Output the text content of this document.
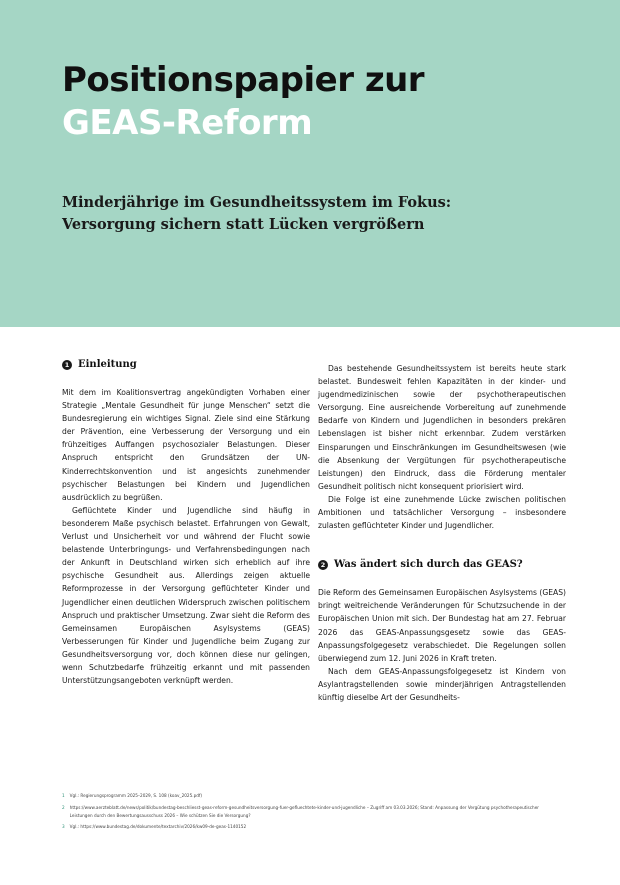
Positionspapier zur
GEAS-Reform
Minderjährige im Gesundheitssystem im Fokus:
Versorgung sichern statt Lücken vergrößern
1 Einleitung

Mit dem im Koalitionsvertrag angekündigten Vorhaben einer Strategie „Mentale Gesundheit für junge Menschen“ setzt die Bundesregierung ein wichtiges Signal. Ziele sind eine Stärkung der Prävention, eine Verbesserung der Versorgung und ein frühzeitiges Auffangen psychosozialer Belastungen. Dieser Anspruch entspricht den Grundsätzen der UN-Kinderrechtskonvention und ist angesichts zunehmender psychischer Belastungen bei Kindern und Jugendlichen ausdrücklich zu begrüßen.

Geflüchtete Kinder und Jugendliche sind häufig in besonderem Maße psychisch belastet. Erfahrungen von Gewalt, Verlust und Unsicherheit vor und während der Flucht sowie belastende Unterbringungs- und Verfahrensbedingungen nach der Ankunft in Deutschland wirken sich erheblich auf ihre psychische Gesundheit aus. Allerdings zeigen aktuelle Reformprozesse in der Versorgung geflüchteter Kinder und Jugendlicher einen deutlichen Widerspruch zwischen politischem Anspruch und praktischer Umsetzung. Zwar sieht die Reform des Gemeinsamen Europäischen Asylsystems (GEAS) Verbesserungen für Kinder und Jugendliche beim Zugang zur Gesundheitsversorgung vor, doch können diese nur gelingen, wenn Schutzbedarfe frühzeitig erkannt und mit passenden Unterstützungsangeboten verknüpft werden.

Das bestehende Gesundheitssystem ist bereits heute stark belastet. Bundesweit fehlen Kapazitäten in der kinder- und jugendmedizinischen sowie der psychotherapeutischen Versorgung. Eine ausreichende Vorbereitung auf zunehmende Bedarfe von Kindern und Jugendlichen in besonders prekären Lebenslagen ist bisher nicht erkennbar. Zudem verstärken Einsparungen und Einschränkungen im Gesundheitswesen (wie die Absenkung der Vergütungen für psychotherapeutische Leistungen) den Eindruck, dass die Förderung mentaler Gesundheit politisch nicht konsequent priorisiert wird.

Die Folge ist eine zunehmende Lücke zwischen politischen Ambitionen und tatsächlicher Versorgung – insbesondere zulasten geflüchteter Kinder und Jugendlicher.

2 Was ändert sich durch das GEAS?

Die Reform des Gemeinsamen Europäischen Asylsystems (GEAS) bringt weitreichende Veränderungen für Schutzsuchende in der Europäischen Union mit sich. Der Bundestag hat am 27. Februar 2026 das GEAS-Anpassungsgesetz sowie das GEAS-Anpassungsfolgegesetz verabschiedet. Die Regelungen sollen überwiegend zum 12. Juni 2026 in Kraft treten.

Nach dem GEAS-Anpassungsfolgegesetz ist Kindern von Asylantragstellenden sowie minderjährigen Antragstellenden künftig dieselbe Art der Gesundheits-

1 Vgl.: Regierungsprogramm 2025–2029, S. 108 (koav_2025.pdf)
2 https://www.aerzteblatt.de/news/politik/bundestag-beschliesst-geas-reform-gesundheitsversorgung-fuer-gefluechtete-kinder-und-jugendliche – Zugriff am 03.03.2026; Stand: Anpassung der Vergütung psychotherapeutischer Leistungen durch den Bewertungsausschuss 2026 – Wie schützen Sie die Versorgung?
3 Vgl.: https://www.bundestag.de/dokumente/textarchiv/2026/kw09-de-geas-1140152
